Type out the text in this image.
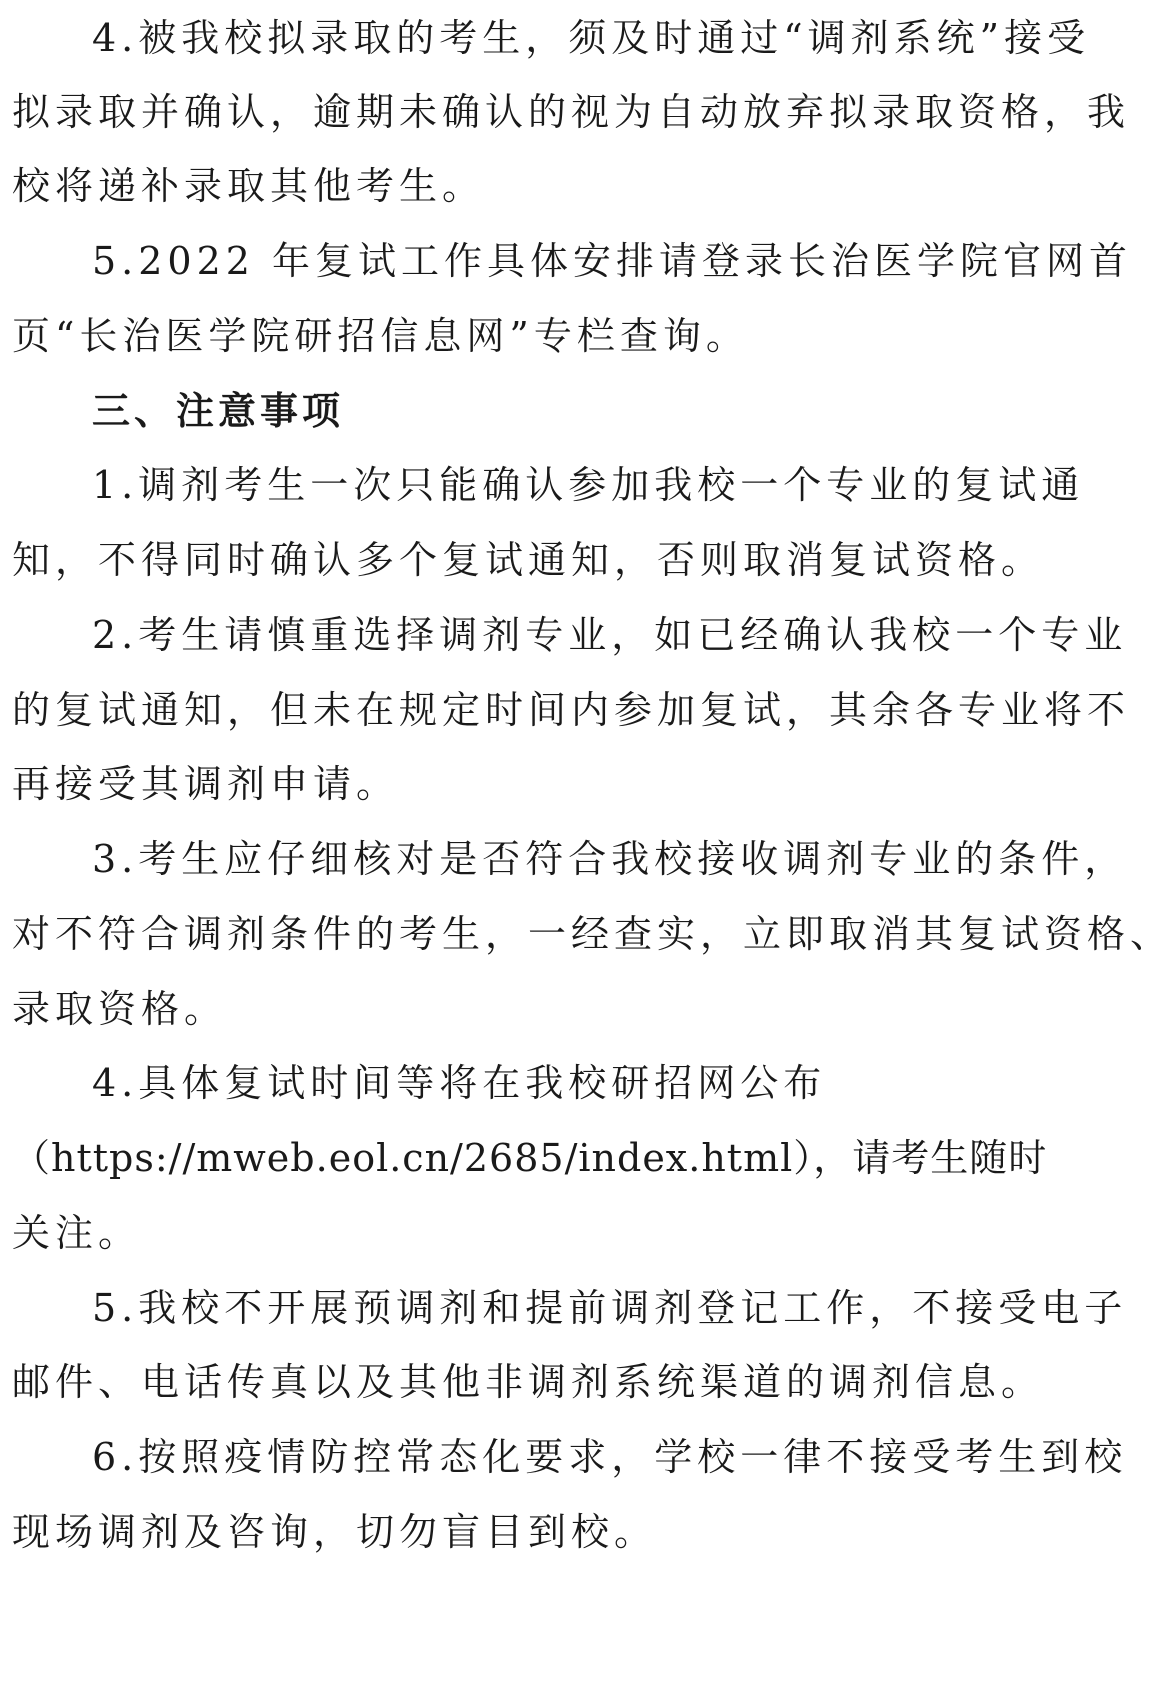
4.被我校拟录取的考生，须及时通过“调剂系统”接受
拟录取并确认，逾期未确认的视为自动放弃拟录取资格，我
校将递补录取其他考生。
5.2022 年复试工作具体安排请登录长治医学院官网首
页“长治医学院研招信息网”专栏查询。
三、注意事项
1.调剂考生一次只能确认参加我校一个专业的复试通
知，不得同时确认多个复试通知，否则取消复试资格。
2.考生请慎重选择调剂专业，如已经确认我校一个专业
的复试通知，但未在规定时间内参加复试，其余各专业将不
再接受其调剂申请。
3.考生应仔细核对是否符合我校接收调剂专业的条件，
对不符合调剂条件的考生，一经查实，立即取消其复试资格、
录取资格。
4.具体复试时间等将在我校研招网公布
（https://mweb.eol.cn/2685/index.html），请考生随时
关注。
5.我校不开展预调剂和提前调剂登记工作，不接受电子
邮件、电话传真以及其他非调剂系统渠道的调剂信息。
6.按照疫情防控常态化要求，学校一律不接受考生到校
现场调剂及咨询，切勿盲目到校。
